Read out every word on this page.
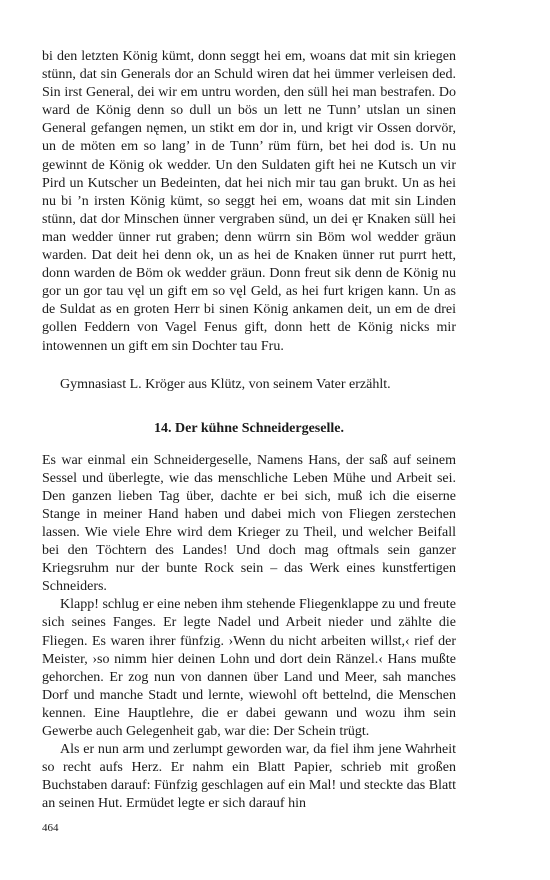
bi den letzten König kümt, donn seggt hei em, woans dat mit sin kriegen stünn, dat sin Generals dor an Schuld wiren dat hei ümmer verleisen ded. Sin irst General, dei wir em untru worden, den süll hei man bestrafen. Do ward de König denn so dull un bös un lett ne Tunn’ utslan un sinen General gefangen nęmen, un stikt em dor in, und krigt vir Ossen dorvör, un de möten em so lang’ in de Tunn’ rüm fürn, bet hei dod is. Un nu gewinnt de König ok wedder. Un den Suldaten gift hei ne Kutsch un vir Pird un Kutscher un Bedeinten, dat hei nich mir tau gan brukt. Un as hei nu bi ’n irsten König kümt, so seggt hei em, woans dat mit sin Linden stünn, dat dor Minschen ünner vergraben sünd, un dei ęr Knaken süll hei man wedder ünner rut graben; denn würrn sin Böm wol wedder gräun warden. Dat deit hei denn ok, un as hei de Knaken ünner rut purrt hett, donn warden de Böm ok wedder gräun. Donn freut sik denn de König nu gor un gor tau vęl un gift em so vęl Geld, as hei furt krigen kann. Un as de Suldat as en groten Herr bi sinen König ankamen deit, un em de drei gollen Feddern von Vagel Fenus gift, donn hett de König nicks mir intowennen un gift em sin Dochter tau Fru.

Gymnasiast L. Kröger aus Klütz, von seinem Vater erzählt.

14. Der kühne Schneidergeselle.

Es war einmal ein Schneidergeselle, Namens Hans, der saß auf seinem Sessel und überlegte, wie das menschliche Leben Mühe und Arbeit sei. Den ganzen lieben Tag über, dachte er bei sich, muß ich die eiserne Stange in meiner Hand haben und dabei mich von Fliegen zerstechen lassen. Wie viele Ehre wird dem Krieger zu Theil, und welcher Beifall bei den Töchtern des Landes! Und doch mag oftmals sein ganzer Kriegsruhm nur der bunte Rock sein – das Werk eines kunstfertigen Schneiders.

Klapp! schlug er eine neben ihm stehende Fliegenklappe zu und freute sich seines Fanges. Er legte Nadel und Arbeit nieder und zählte die Fliegen. Es waren ihrer fünfzig. ›Wenn du nicht arbeiten willst,‹ rief der Meister, ›so nimm hier deinen Lohn und dort dein Ränzel.‹ Hans mußte gehorchen. Er zog nun von dannen über Land und Meer, sah manches Dorf und manche Stadt und lernte, wiewohl oft bettelnd, die Menschen kennen. Eine Hauptlehre, die er dabei gewann und wozu ihm sein Gewerbe auch Gelegenheit gab, war die: Der Schein trügt.

Als er nun arm und zerlumpt geworden war, da fiel ihm jene Wahrheit so recht aufs Herz. Er nahm ein Blatt Papier, schrieb mit großen Buchstaben darauf: Fünfzig geschlagen auf ein Mal! und steckte das Blatt an seinen Hut. Ermüdet legte er sich darauf hin

464
